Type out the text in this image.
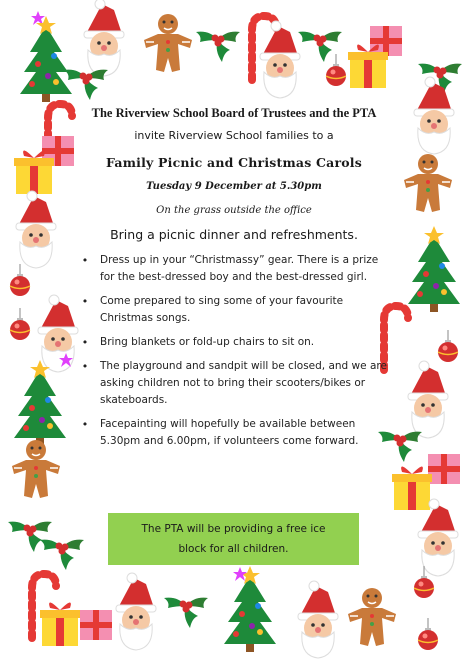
The Riverview School Board of Trustees and the PTA

invite Riverview School families to a

Family Picnic and Christmas Carols

Tuesday 9 December at 5.30pm

On the grass outside the office

Bring a picnic dinner and refreshments.

•	Dress up in your “Christmassy” gear. There is a prize for the best-dressed boy and the best-dressed girl.
•	Come prepared to sing some of your favourite Christmas songs.
•	Bring blankets or fold-up chairs to sit on.
•	The playground and sandpit will be closed, and we are asking children not to bring their scooters/bikes or skateboards.
•	Facepainting will hopefully be available between 5.30pm and 6.00pm, if volunteers come forward.
The PTA will be providing a free ice block for all children.
